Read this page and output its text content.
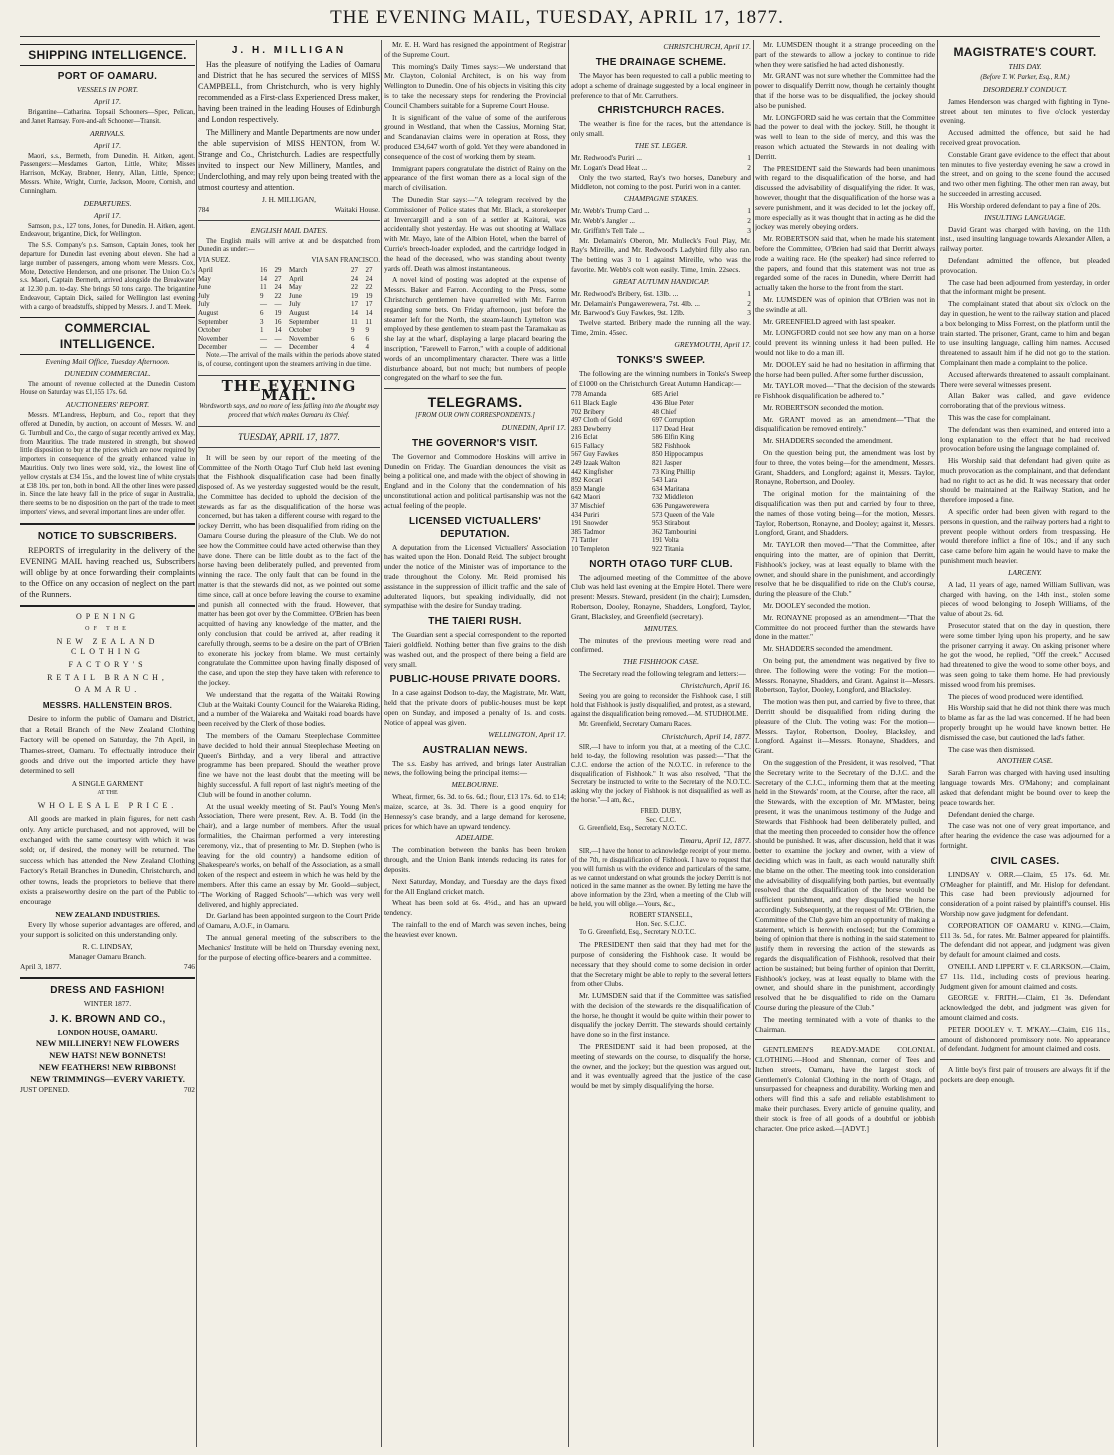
THE EVENING MAIL, TUESDAY, APRIL 17, 1877.
SHIPPING INTELLIGENCE.
PORT OF OAMARU.
VESSELS IN PORT.
April 17.
Brigantine—Catharina. Topsail Schooners—Spec, Pelican, and Janet Ramsay. Fore-and-aft Schooner—Transit.
ARRIVALS.
April 17.
Maori, s.s., Bermeth, from Dunedin. H. Aitken, agent. Passengers:—Mesdames Garton, Little, White; Misses Harrison, McKay, Brabner, Henry, Allan, Little, Spence; Messrs. White, Wright, Currie, Jackson, Moore, Cornish, and Cunningham.
DEPARTURES.
April 17.
Samson, p.s., 127 tons, Jones, for Dunedin. H. Aitken, agent. Endeavour, brigantine, Dick, for Wellington.
The S.S. Company's p.s. Samson, Captain Jones, took her departure for Dunedin last evening about eleven. She had a large number of passengers, among whom were Messrs. Cox, Mote, Detective Henderson, and one prisoner. The Union Co.'s s.s. Maori, Captain Bermeth, arrived alongside the Breakwater at 12.30 p.m. to-day. She brings 50 tons cargo. The brigantine Endeavour, Captain Dick, sailed for Wellington last evening with a cargo of breadstuffs, shipped by Messrs. J. and T. Meek.
COMMERCIAL INTELLIGENCE.
Evening Mail Office, Tuesday Afternoon.
DUNEDIN COMMERCIAL.
The amount of revenue collected at the Dunedin Custom House on Saturday was £1,155 17s. 6d.
AUCTIONEERS' REPORT.
Messrs. M'Landress, Hepburn, and Co., report that they offered at Dunedin, by auction, on account of Messrs. W. and G. Turnbull and Co., the cargo of sugar recently arrived ex May, from Mauritius. The trade mustered in strength, but showed little disposition to buy at the prices which are now required by importers in consequence of the greatly enhanced value in Mauritius. Only two lines were sold, viz., the lowest line of yellow crystals at £34 15s., and the lowest line of white crystals at £38 10s. per ton, both in bond. All the other lines were passed in. Since the late heavy fall in the price of sugar in Australia, there seems to be no disposition on the part of the trade to meet importers' views, and several important lines are under offer.
NOTICE TO SUBSCRIBERS.
REPORTS of irregularity in the delivery of the EVENING MAIL having reached us, Subscribers will oblige by at once forwarding their complaints to the Office on any occasion of neglect on the part of the Runners.
OPENING
OF THE
NEW ZEALAND CLOTHING
FACTORY'S
RETAIL BRANCH,
OAMARU.
MESSRS. HALLENSTEIN BROS.
Desire to inform the public of Oamaru and District, that a Retail Branch of the New Zealand Clothing Factory will be opened on Saturday, the 7th April, in Thames-street, Oamaru. To effectually introduce their goods and drive out the imported article they have determined to sell
A SINGLE GARMENT
AT THE
WHOLESALE PRICE.
All goods are marked in plain figures, for nett cash only. Any article purchased, and not approved, will be exchanged with the same courtesy with which it was sold; or, if desired, the money will be returned. The success which has attended the New Zealand Clothing Factory's Retail Branches in Dunedin, Christchurch, and other towns, leads the proprietors to believe that there exists a praiseworthy desire on the part of the Public to encourage
NEW ZEALAND INDUSTRIES.
Every lly whose superior advantages are offered, and your support is solicited on this understanding only.
R. C. LINDSAY,
Manager Oamaru Branch.
April 3, 1877.	746
DRESS AND FASHION!
WINTER 1877.
J. K. BROWN AND CO.,
LONDON HOUSE, OAMARU.
NEW MILLINERY! NEW FLOWERS
NEW HATS! NEW BONNETS!
NEW FEATHERS! NEW RIBBONS!
NEW TRIMMINGS—EVERY VARIETY.
JUST OPENED.	702
J. H. MILLIGAN
Has the pleasure of notifying the Ladies of Oamaru and District that he has secured the services of MISS CAMPBELL, from Christchurch, who is very highly recommended as a First-class Experienced Dress maker, having been trained in the leading Houses of Edinburgh and London respectively.
The Millinery and Mantle Departments are now under the able supervision of MISS HENTON, from W. Strange and Co., Christchurch. Ladies are respectfully invited to inspect our New Millinery, Mantles, and Underclothing, and may rely upon being treated with the utmost courtesy and attention.
J. H. MILLIGAN,
784	Waitaki House.
ENGLISH MAIL DATES.
The English mails will arrive at and be despatched from Dunedin as under:—
VIA SUEZ.	VIA SAN FRANCISCO.
April	16	29	March	27	27
May	14	27	April	24	24
June	11	24	May	22	22
July	9	22	June	19	19
July	—	—	July	17	17
August	6	19	August	14	14
September	3	16	September	11	11
October	1	14	October	9	9
November	—	—	November	6	6
December	—	—	December	4	4
Note.—The arrival of the mails within the periods above stated is, of course, contingent upon the steamers arriving in due time.
THE EVENING MAIL.
Wordsworth says, and no more of less falling into the thought may proceed that which makes Oamaru its Chief.
TUESDAY, APRIL 17, 1877.
It will be seen by our report of the meeting of the Committee of the North Otago Turf Club held last evening that the Fishhook disqualification case had been finally disposed of. As we yesterday suggested would be the result, the Committee has decided to uphold the decision of the stewards as far as the disqualification of the horse was concerned, but has taken a different course with regard to the jockey Derritt, who has been disqualified from riding on the Oamaru Course during the pleasure of the Club. We do not see how the Committee could have acted otherwise than they have done. There can be little doubt as to the fact of the horse having been deliberately pulled, and prevented from winning the race. The only fault that can be found in the matter is that the stewards did not, as we pointed out some time since, call at once before leaving the course to examine and punish all connected with the fraud. However, that matter has been got over by the Committee. O'Brien has been acquitted of having any knowledge of the matter, and the only conclusion that could be arrived at, after reading it carefully through, seems to be a desire on the part of O'Brien to exonerate his jockey from blame. We must certainly congratulate the Committee upon having finally disposed of the case, and upon the step they have taken with reference to the jockey.
We understand that the regatta of the Waitaki Rowing Club at the Waitaki County Council for the Waiareka Riding, and a number of the Waiareka and Waitaki road boards have been received by the Clerk of those bodies.
The members of the Oamaru Steeplechase Committee have decided to hold their annual Steeplechase Meeting on Queen's Birthday, and a very liberal and attractive programme has been prepared. Should the weather prove fine we have not the least doubt that the meeting will be highly successful. A full report of last night's meeting of the Club will be found in another column.
At the usual weekly meeting of St. Paul's Young Men's Association, There were present, Rev. A. B. Todd (in the chair), and a large number of members. After the usual formalities, the Chairman performed a very interesting ceremony, viz., that of presenting to Mr. D. Stephen (who is leaving for the old country) a handsome edition of Shakespeare's works, on behalf of the Association, as a small token of the respect and esteem in which he was held by the members. After this came an essay by Mr. Goold—subject, "The Working of Ragged Schools"—which was very well delivered, and highly appreciated.
Dr. Garland has been appointed surgeon to the Court Pride of Oamaru, A.O.F., in Oamaru.
The annual general meeting of the subscribers to the Mechanics' Institute will be held on Thursday evening next, for the purpose of electing office-bearers and a committee.
Mr. E. H. Ward has resigned the appointment of Registrar of the Supreme Court.
This morning's Daily Times says:—We understand that Mr. Clayton, Colonial Architect, is on his way from Wellington to Dunedin. One of his objects in visiting this city is to take the necessary steps for rendering the Provincial Council Chambers suitable for a Supreme Court House.
It is significant of the value of some of the auriferous ground in Westland, that when the Cassius, Morning Star, and Scandanavian claims were in operation at Ross, they produced £34,647 worth of gold. Yet they were abandoned in consequence of the cost of working them by steam.
Immigrant papers congratulate the district of Rainy on the appearance of the first woman there as a local sign of the march of civilisation.
The Dunedin Star says:—"A telegram received by the Commissioner of Police states that Mr. Black, a storekeeper at Invercargill and a son of a settler at Kaitorai, was accidentally shot yesterday. He was out shooting at Wallace with Mr. Mayo, late of the Albion Hotel, when the barrel of Currie's breech-loader exploded, and the cartridge lodged in the head of the deceased, who was standing about twenty yards off. Death was almost instantaneous.
A novel kind of posting was adopted at the expense of Messrs. Baker and Farron. According to the Press, some Christchurch gentlemen have quarrelled with Mr. Farron regarding some bets. On Friday afternoon, just before the steamer left for the North, the steam-launch Lyttelton was employed by these gentlemen to steam past the Taramakau as she lay at the wharf, displaying a large placard bearing the inscription, "Farewell to Farron," with a couple of additional words of an uncomplimentary character. There was a little disturbance aboard, but not much; but numbers of people congregated on the wharf to see the fun.
TELEGRAMS.
[FROM OUR OWN CORRESPONDENTS.]
DUNEDIN, April 17.
THE GOVERNOR'S VISIT.
The Governor and Commodore Hoskins will arrive in Dunedin on Friday. The Guardian denounces the visit as being a political one, and made with the object of showing in England and in the Colony that the condemnation of his unconstitutional action and political partisanship was not the actual feeling of the people.
LICENSED VICTUALLERS' DEPUTATION.
A deputation from the Licensed Victuallers' Association has waited upon the Hon. Donald Reid. The subject brought under the notice of the Minister was of importance to the trade throughout the Colony. Mr. Reid promised his assistance in the suppression of illicit traffic and the sale of adulterated liquors, but speaking individually, did not sympathise with the desire for Sunday trading.
THE TAIERI RUSH.
The Guardian sent a special correspondent to the reported Taieri goldfield. Nothing better than five grains to the dish was washed out, and the prospect of there being a field are very small.
PUBLIC-HOUSE PRIVATE DOORS.
In a case against Dodson to-day, the Magistrate, Mr. Watt, held that the private doors of public-houses must be kept open on Sunday, and imposed a penalty of 1s. and costs. Notice of appeal was given.
WELLINGTON, April 17.
AUSTRALIAN NEWS.
The s.s. Easby has arrived, and brings later Australian news, the following being the principal items:—
MELBOURNE.
Wheat, firmer, 6s. 3d. to 6s. 6d.; flour, £13 17s. 6d. to £14; maize, scarce, at 3s. 3d. There is a good enquiry for Hennessy's case brandy, and a large demand for kerosene, prices for which have an upward tendency.
ADELAIDE.
The combination between the banks has been broken through, and the Union Bank intends reducing its rates for deposits.
Next Saturday, Monday, and Tuesday are the days fixed for the All England cricket match.
Wheat has been sold at 6s. 4½d., and has an upward tendency.
The rainfall to the end of March was seven inches, being the heaviest ever known.
CHRISTCHURCH, April 17.
THE DRAINAGE SCHEME.
The Mayor has been requested to call a public meeting to adopt a scheme of drainage suggested by a local engineer in preference to that of Mr. Carruthers.
CHRISTCHURCH RACES.
The weather is fine for the races, but the attendance is only small.
THE ST. LEGER.
Mr. Redwood's Puriri ...	1
Mr. Logan's Dead Heat ...	2
Only the two started, Ray's two horses, Danebury and Middleton, not coming to the post. Puriri won in a canter.
CHAMPAGNE STAKES.
Mr. Webb's Trump Card ...	1
Mr. Webb's Jangler ...	2
Mr. Griffith's Tell Tale ...	3
Mr. Delamain's Oberon, Mr. Mulleck's Foul Play, Mr. Ray's Mireille, and Mr. Redwood's Ladybird filly also ran. The betting was 3 to 1 against Mireille, who was the favorite. Mr. Webb's colt won easily. Time, 1min. 22secs.
GREAT AUTUMN HANDICAP.
Mr. Redwood's Bribery, 6st. 13lb. ...	1
Mr. Delamain's Pungawerewera, 7st. 4lb. ...	2
Mr. Barwood's Guy Fawkes, 9st. 12lb.	3
Twelve started. Bribery made the running all the way. Time, 2min. 45sec.
GREYMOUTH, April 17.
TONKS'S SWEEP.
The following are the winning numbers in Tonks's Sweep of £1000 on the Christchurch Great Autumn Handicap:—
778 Amanda	685 Ariel
611 Black Eagle	436 Blue Peter
702 Bribery	48 Chief
497 Cloth of Gold	697 Corruption
283 Dewberry	117 Dead Heat
216 Eclat	586 Elfin King
615 Fallacy	582 Fishhook
567 Guy Fawkes	850 Hippocampus
249 Izaak Walton	821 Jasper
442 Kingfisher	73 King Phillip
892 Kocari	543 Lara
859 Mangle	634 Maritana
642 Maori	732 Middleton
37 Mischief	636 Pungawerewera
434 Puriri	573 Queen of the Vale
191 Snowder	953 Stirabout
385 Tadmor	362 Tambourini
71 Tattler	191 Volta
10 Templeton	922 Titania
NORTH OTAGO TURF CLUB.
The adjourned meeting of the Committee of the above Club was held last evening at the Empire Hotel. There were present: Messrs. Steward, president (in the chair); Lumsden, Robertson, Dooley, Ronayne, Shadders, Longford, Taylor, Grant, Blacksley, and Greenfield (secretary).
MINUTES.
The minutes of the previous meeting were read and confirmed.
THE FISHHOOK CASE.
The Secretary read the following telegram and letters:—
Christchurch, April 16.
Seeing you are going to reconsider the Fishhook case, I still hold that Fishhook is justly disqualified, and protest, as a steward, against the disqualification being removed.—M. STUDHOLME.
Mr. Greenfield, Secretary Oamaru Races.
Christchurch, April 14, 1877.
SIR,—I have to inform you that, at a meeting of the C.J.C. held to-day, the following resolution was passed:—"That the C.J.C. endorse the action of the N.O.T.C. in reference to the disqualification of Fishhook." It was also resolved, "That the Secretary be instructed to write to the Secretary of the N.O.T.C. asking why the jockey of Fishhook is not disqualified as well as the horse."—I am, &c.,
FRED. DUBY,
Sec. C.J.C.
G. Greenfield, Esq., Secretary N.O.T.C.
Timaru, April 12, 1877.
SIR,—I have the honor to acknowledge receipt of your memo. of the 7th, re disqualification of Fishhook. I have to request that you will furnish us with the evidence and particulars of the same, as we cannot understand on what grounds the jockey Derritt is not noticed in the same manner as the owner. By letting me have the above information by the 23rd, when a meeting of the Club will be held, you will oblige.—Yours, &c.,
ROBERT STANSELL,
Hon. Sec. S.C.J.C.
To G. Greenfield, Esq., Secretary N.O.T.C.
The PRESIDENT then said that they had met for the purpose of considering the Fishhook case. It would be necessary that they should come to some decision in order that the Secretary might be able to reply to the several letters from other Clubs.
Mr. LUMSDEN said that if the Committee was satisfied with the decision of the stewards re the disqualification of the horse, he thought it would be quite within their power to disqualify the jockey Derritt. The stewards should certainly have done so in the first instance.
The PRESIDENT said it had been proposed, at the meeting of stewards on the course, to disqualify the horse, the owner, and the jockey; but the question was argued out, and it was eventually agreed that the justice of the case would be met by simply disqualifying the horse.
Mr. LUMSDEN thought it a strange proceeding on the part of the stewards to allow a jockey to continue to ride when they were satisfied he had acted dishonestly.
Mr. GRANT was not sure whether the Committee had the power to disqualify Derritt now, though he certainly thought that if the horse was to be disqualified, the jockey should also be punished.
Mr. LONGFORD said he was certain that the Committee had the power to deal with the jockey. Still, he thought it was well to lean to the side of mercy, and this was the reason which actuated the Stewards in not dealing with Derritt.
The PRESIDENT said the Stewards had been unanimous with regard to the disqualification of the horse, and had discussed the advisability of disqualifying the rider. It was, however, thought that the disqualification of the horse was a severe punishment, and it was decided to let the jockey off, more especially as it was thought that in acting as he did the jockey was merely obeying orders.
Mr. ROBERTSON said that, when he made his statement before the Committee, O'Brien had said that Derritt always rode a waiting race. He (the speaker) had since referred to the papers, and found that this statement was not true as regarded some of the races in Dunedin, where Derritt had actually taken the horse to the front from the start.
Mr. LUMSDEN was of opinion that O'Brien was not in the swindle at all.
Mr. GREENFIELD agreed with last speaker.
Mr. LONGFORD could not see how any man on a horse could prevent its winning unless it had been pulled. He would not like to do a man ill.
Mr. DOOLEY said he had no hesitation in affirming that the horse had been pulled. After some further discussion,
Mr. TAYLOR moved—"That the decision of the stewards re Fishhook disqualification be adhered to."
Mr. ROBERTSON seconded the motion.
Mr. GRANT moved as an amendment—"That the disqualification be removed entirely."
Mr. SHADDERS seconded the amendment.
On the question being put, the amendment was lost by four to three, the votes being—for the amendment, Messrs. Grant, Shadders, and Longford; against it, Messrs. Taylor, Ronayne, Robertson, and Dooley.
The original motion for the maintaining of the disqualification was then put and carried by four to three, the names of those voting being—for the motion, Messrs. Taylor, Robertson, Ronayne, and Dooley; against it, Messrs. Longford, Grant, and Shadders.
Mr. TAYLOR then moved—"That the Committee, after enquiring into the matter, are of opinion that Derritt, Fishhook's jockey, was at least equally to blame with the owner, and should share in the punishment, and accordingly resolve that he be disqualified to ride on the Club's course, during the pleasure of the Club."
Mr. DOOLEY seconded the motion.
Mr. RONAYNE proposed as an amendment—"That the Committee do not proceed further than the stewards have done in the matter."
Mr. SHADDERS seconded the amendment.
On being put, the amendment was negatived by five to three. The following were the voting: For the motion—Messrs. Ronayne, Shadders, and Grant. Against it—Messrs. Robertson, Taylor, Dooley, Longford, and Blacksley.
The motion was then put, and carried by five to three, that Derritt should be disqualified from riding during the pleasure of the Club. The voting was: For the motion—Messrs. Taylor, Robertson, Dooley, Blacksley, and Longford. Against it—Messrs. Ronayne, Shadders, and Grant.
On the suggestion of the President, it was resolved, "That the Secretary write to the Secretary of the D.J.C. and the Secretary of the C.J.C., informing them that at the meeting held in the Stewards' room, at the Course, after the race, all the Stewards, with the exception of Mr. M'Master, being present, it was the unanimous testimony of the Judge and Stewards that Fishhook had been deliberately pulled, and that the meeting then proceeded to consider how the offence should be punished. It was, after discussion, held that it was better to examine the jockey and owner, with a view of deciding which was in fault, as each would naturally shift the blame on the other. The meeting took into consideration the advisability of disqualifying both parties, but eventually resolved that the disqualification of the horse would be sufficient punishment, and they disqualified the horse accordingly. Subsequently, at the request of Mr. O'Brien, the Committee of the Club gave him an opportunity of making a statement, which is herewith enclosed; but the Committee being of opinion that there is nothing in the said statement to justify them in reversing the action of the stewards as regards the disqualification of Fishhook, resolved that their action be sustained; but being further of opinion that Derritt, Fishhook's jockey, was at least equally to blame with the owner, and should share in the punishment, accordingly resolved that he be disqualified to ride on the Oamaru Course during the pleasure of the Club."
The meeting terminated with a vote of thanks to the Chairman.
GENTLEMEN'S READY-MADE COLONIAL CLOTHING.—Hood and Shennan, corner of Tees and Itchen streets, Oamaru, have the largest stock of Gentlemen's Colonial Clothing in the north of Otago, and unsurpassed for cheapness and durability. Working men and others will find this a safe and reliable establishment to make their purchases. Every article of genuine quality, and their stock is free of all goods of a doubtful or jobbish character. One price asked.—[ADVT.]
MAGISTRATE'S COURT.
THIS DAY.
(Before T. W. Parker, Esq., R.M.)
DISORDERLY CONDUCT.
James Henderson was charged with fighting in Tyne-street about ten minutes to five o'clock yesterday evening.
Accused admitted the offence, but said he had received great provocation.
Constable Grant gave evidence to the effect that about ten minutes to five yesterday evening he saw a crowd in the street, and on going to the scene found the accused and two other men fighting. The other men ran away, but he succeeded in arresting accused.
His Worship ordered defendant to pay a fine of 20s.
INSULTING LANGUAGE.
David Grant was charged with having, on the 11th inst., used insulting language towards Alexander Allen, a railway porter.
Defendant admitted the offence, but pleaded provocation.
The case had been adjourned from yesterday, in order that the informant might be present.
The complainant stated that about six o'clock on the day in question, he went to the railway station and placed a box belonging to Miss Forrest, on the platform until the train started. The prisoner, Grant, came to him and began to use insulting language, calling him names. Accused threatened to assault him if he did not go to the station. Complainant then made a complaint to the police.
Accused afterwards threatened to assault complainant. There were several witnesses present.
Allan Baker was called, and gave evidence corroborating that of the previous witness.
This was the case for complainant.
The defendant was then examined, and entered into a long explanation to the effect that he had received provocation before using the language complained of.
His Worship said that defendant had given quite as much provocation as the complainant, and that defendant had no right to act as he did. It was necessary that order should be maintained at the Railway Station, and he therefore imposed a fine.
A specific order had been given with regard to the persons in question, and the railway porters had a right to prevent people without orders from trespassing. He would therefore inflict a fine of 10s.; and if any such case came before him again he would have to make the punishment much heavier.
LARCENY.
A lad, 11 years of age, named William Sullivan, was charged with having, on the 14th inst., stolen some pieces of wood belonging to Joseph Williams, of the value of about 2s. 6d.
Prosecutor stated that on the day in question, there were some timber lying upon his property, and he saw the prisoner carrying it away. On asking prisoner where he got the wood, he replied, "Off the creek." Accused had threatened to give the wood to some other boys, and was seen going to take them home. He had previously missed wood from his premises.
The pieces of wood produced were identified.
His Worship said that he did not think there was much to blame as far as the lad was concerned. If he had been properly brought up he would have known better. He dismissed the case, but cautioned the lad's father.
The case was then dismissed.
ANOTHER CASE.
Sarah Farron was charged with having used insulting language towards Mrs. O'Mahony; and complainant asked that defendant might be bound over to keep the peace towards her.
Defendant denied the charge.
The case was not one of very great importance, and after hearing the evidence the case was adjourned for a fortnight.
CIVIL CASES.
LINDSAY v. ORR.—Claim, £5 17s. 6d. Mr. O'Meagher for plaintiff, and Mr. Hislop for defendant. This case had been previously adjourned for consideration of a point raised by plaintiff's counsel. His Worship now gave judgment for defendant.
CORPORATION OF OAMARU v. KING.—Claim, £11 3s. 5d., for rates. Mr. Balmer appeared for plaintiffs. The defendant did not appear, and judgment was given by default for amount claimed and costs.
O'NEILL AND LIPPERT v. F. CLARKSON.—Claim, £7 11s. 11d., including costs of previous hearing. Judgment given for amount claimed and costs.
GEORGE v. FRITH.—Claim, £1 3s. Defendant acknowledged the debt, and judgment was given for amount claimed and costs.
PETER DOOLEY v. T. M'KAY.—Claim, £16 11s., amount of dishonored promissory note. No appearance of defendant. Judgment for amount claimed and costs.
A little boy's first pair of trousers are always fit if the pockets are deep enough.
